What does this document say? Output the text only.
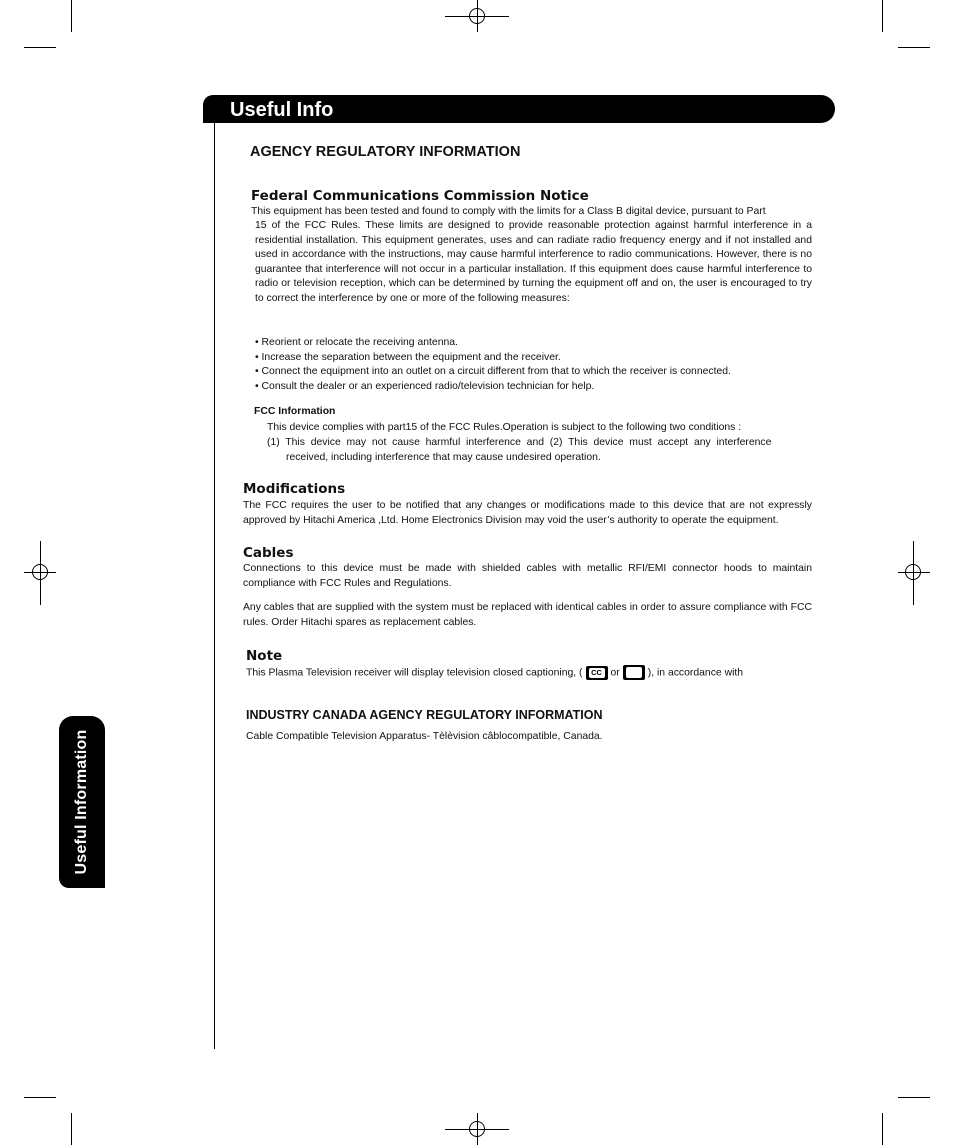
Useful Info
Useful Information
AGENCY REGULATORY INFORMATION
Federal Communications Commission Notice

This equipment has been tested and found to comply with the limits for a Class B digital device, pursuant to Part

15 of the FCC Rules. These limits are designed to provide reasonable protection against harmful interference in a residential installation. This equipment generates, uses and can radiate radio frequency energy and if not installed and used in accordance with the instructions, may cause harmful interference to radio communications. However, there is no guarantee that interference will not occur in a particular installation. If this equipment does cause harmful interference to radio or television reception, which can be determined by turning the equipment off and on, the user is encouraged to try to correct the interference by one or more of the following measures:

• Reorient or relocate the receiving antenna.
• Increase the separation between the equipment and the receiver.
• Connect the equipment into an outlet on a circuit different from that to which the receiver is connected.
• Consult the dealer or an experienced radio/television technician for help.
FCC Information

This device complies with part15 of the FCC Rules.Operation is subject to the following two conditions :

(1)  This  device  may  not  cause  harmful  interference  and  (2)  This  device  must  accept  any  interference

received, including interference that may cause undesired operation.

Modifications

The FCC requires the user to be notified that any changes or modifications made to this device that are not expressly approved by Hitachi America ,Ltd. Home Electronics Division may void the user’s authority to operate the equipment.

Cables

Connections to this device must be made with shielded cables with metallic RFI/EMI connector hoods to maintain compliance with FCC Rules and Regulations.

Any cables that are supplied with the system must be replaced with identical cables in order to assure compliance with FCC rules. Order Hitachi spares as replacement cables.

Note

This Plasma Television receiver will display television closed captioning, (	CC or	), in accordance with

INDUSTRY CANADA AGENCY REGULATORY INFORMATION

Cable Compatible Television Apparatus- Tèlèvision câblocompatible, Canada.
